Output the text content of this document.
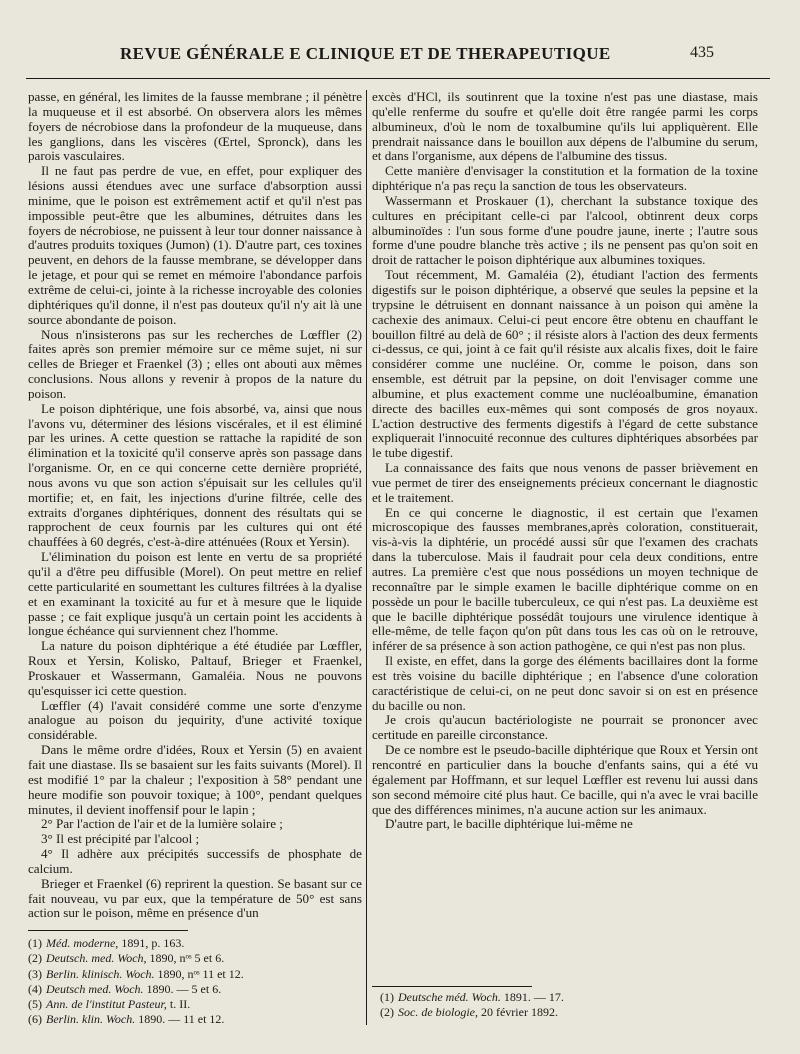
REVUE GÉNÉRALE E CLINIQUE ET DE THERAPEUTIQUE	435

passe, en général, les limites de la fausse membrane ; il pénètre la muqueuse et il est absorbé. On observera alors les mêmes foyers de nécrobiose dans la profondeur de la muqueuse, dans les ganglions, dans les viscères (Œrtel, Spronck), dans les parois vasculaires.

Il ne faut pas perdre de vue, en effet, pour expliquer des lésions aussi étendues avec une surface d'absorption aussi minime, que le poison est extrêmement actif et qu'il n'est pas impossible peut-être que les albumines, détruites dans les foyers de nécrobiose, ne puissent à leur tour donner naissance à d'autres produits toxiques (Jumon) (1). D'autre part, ces toxines peuvent, en dehors de la fausse membrane, se développer dans le jetage, et pour qui se remet en mémoire l'abondance parfois extrême de celui-ci, jointe à la richesse incroyable des colonies diphtériques qu'il donne, il n'est pas douteux qu'il n'y ait là une source abondante de poison.

Nous n'insisterons pas sur les recherches de Lœffler (2) faites après son premier mémoire sur ce même sujet, ni sur celles de Brieger et Fraenkel (3) ; elles ont abouti aux mêmes conclusions. Nous allons y revenir à propos de la nature du poison.

Le poison diphtérique, une fois absorbé, va, ainsi que nous l'avons vu, déterminer des lésions viscérales, et il est éliminé par les urines. A cette question se rattache la rapidité de son élimination et la toxicité qu'il conserve après son passage dans l'organisme. Or, en ce qui concerne cette dernière propriété, nous avons vu que son action s'épuisait sur les cellules qu'il mortifie; et, en fait, les injections d'urine filtrée, celle des extraits d'organes diphtériques, donnent des résultats qui se rapprochent de ceux fournis par les cultures qui ont été chauffées à 60 degrés, c'est-à-dire atténuées (Roux et Yersin).

L'élimination du poison est lente en vertu de sa propriété qu'il a d'être peu diffusible (Morel). On peut mettre en relief cette particularité en soumettant les cultures filtrées à la dyalise et en examinant la toxicité au fur et à mesure que le liquide passe ; ce fait explique jusqu'à un certain point les accidents à longue échéance qui surviennent chez l'homme.

La nature du poison diphtérique a été étudiée par Lœffler, Roux et Yersin, Kolisko, Paltauf, Brieger et Fraenkel, Proskauer et Wassermann, Gamaléia. Nous ne pouvons qu'esquisser ici cette question.

Lœffler (4) l'avait considéré comme une sorte d'enzyme analogue au poison du jequirity, d'une activité toxique considérable.

Dans le même ordre d'idées, Roux et Yersin (5) en avaient fait une diastase. Ils se basaient sur les faits suivants (Morel). Il est modifié 1° par la chaleur ; l'exposition à 58° pendant une heure modifie son pouvoir toxique; à 100°, pendant quelques minutes, il devient inoffensif pour le lapin ;

2° Par l'action de l'air et de la lumière solaire ;

3° Il est précipité par l'alcool ;

4° Il adhère aux précipités successifs de phosphate de calcium.

Brieger et Fraenkel (6) reprirent la question. Se basant sur ce fait nouveau, vu par eux, que la température de 50° est sans action sur le poison, même en présence d'un

excès d'HCl, ils soutinrent que la toxine n'est pas une diastase, mais qu'elle renferme du soufre et qu'elle doit être rangée parmi les corps albumineux, d'où le nom de toxalbumine qu'ils lui appliquèrent. Elle prendrait naissance dans le bouillon aux dépens de l'albumine du serum, et dans l'organisme, aux dépens de l'albumine des tissus.

Cette manière d'envisager la constitution et la formation de la toxine diphtérique n'a pas reçu la sanction de tous les observateurs.

Wassermann et Proskauer (1), cherchant la substance toxique des cultures en précipitant celle-ci par l'alcool, obtinrent deux corps albuminoïdes : l'un sous forme d'une poudre jaune, inerte ; l'autre sous forme d'une poudre blanche très active ; ils ne pensent pas qu'on soit en droit de rattacher le poison diphtérique aux albumines toxiques.

Tout récemment, M. Gamaléia (2), étudiant l'action des ferments digestifs sur le poison diphtérique, a observé que seules la pepsine et la trypsine le détruisent en donnant naissance à un poison qui amène la cachexie des animaux. Celui-ci peut encore être obtenu en chauffant le bouillon filtré au delà de 60° ; il résiste alors à l'action des deux ferments ci-dessus, ce qui, joint à ce fait qu'il résiste aux alcalis fixes, doit le faire considérer comme une nucléine. Or, comme le poison, dans son ensemble, est détruit par la pepsine, on doit l'envisager comme une albumine, et plus exactement comme une nucléoalbumine, émanation directe des bacilles eux-mêmes qui sont composés de gros noyaux. L'action destructive des ferments digestifs à l'égard de cette substance expliquerait l'innocuité reconnue des cultures diphtériques absorbées par le tube digestif.

La connaissance des faits que nous venons de passer brièvement en vue permet de tirer des enseignements précieux concernant le diagnostic et le traitement.

En ce qui concerne le diagnostic, il est certain que l'examen microscopique des fausses membranes,après coloration, constituerait, vis-à-vis la diphtérie, un procédé aussi sûr que l'examen des crachats dans la tuberculose. Mais il faudrait pour cela deux conditions, entre autres. La première c'est que nous possédions un moyen technique de reconnaître par le simple examen le bacille diphtérique comme on en possède un pour le bacille tuberculeux, ce qui n'est pas. La deuxième est que le bacille diphtérique possédât toujours une virulence identique à elle-même, de telle façon qu'on pût dans tous les cas où on le retrouve, inférer de sa présence à son action pathogène, ce qui n'est pas non plus.

Il existe, en effet, dans la gorge des éléments bacillaires dont la forme est très voisine du bacille diphtérique ; en l'absence d'une coloration caractéristique de celui-ci, on ne peut donc savoir si on est en présence du bacille ou non.

Je crois qu'aucun bactériologiste ne pourrait se prononcer avec certitude en pareille circonstance.

De ce nombre est le pseudo-bacille diphtérique que Roux et Yersin ont rencontré en particulier dans la bouche d'enfants sains, qui a été vu également par Hoffmann, et sur lequel Lœffler est revenu lui aussi dans son second mémoire cité plus haut. Ce bacille, qui n'a avec le vrai bacille que des différences minimes, n'a aucune action sur les animaux.

D'autre part, le bacille diphtérique lui-même ne

(1) Méd. moderne, 1891, p. 163.
(2) Deutsch. med. Woch, 1890, nᵒˢ 5 et 6.
(3) Berlin. klinisch. Woch. 1890, nᵒˢ 11 et 12.
(4) Deutsch med. Woch. 1890. — 5 et 6.
(5) Ann. de l'institut Pasteur, t. II.
(6) Berlin. klin. Woch. 1890. — 11 et 12.
(1) Deutsche méd. Woch. 1891. — 17.
(2) Soc. de biologie, 20 février 1892.
